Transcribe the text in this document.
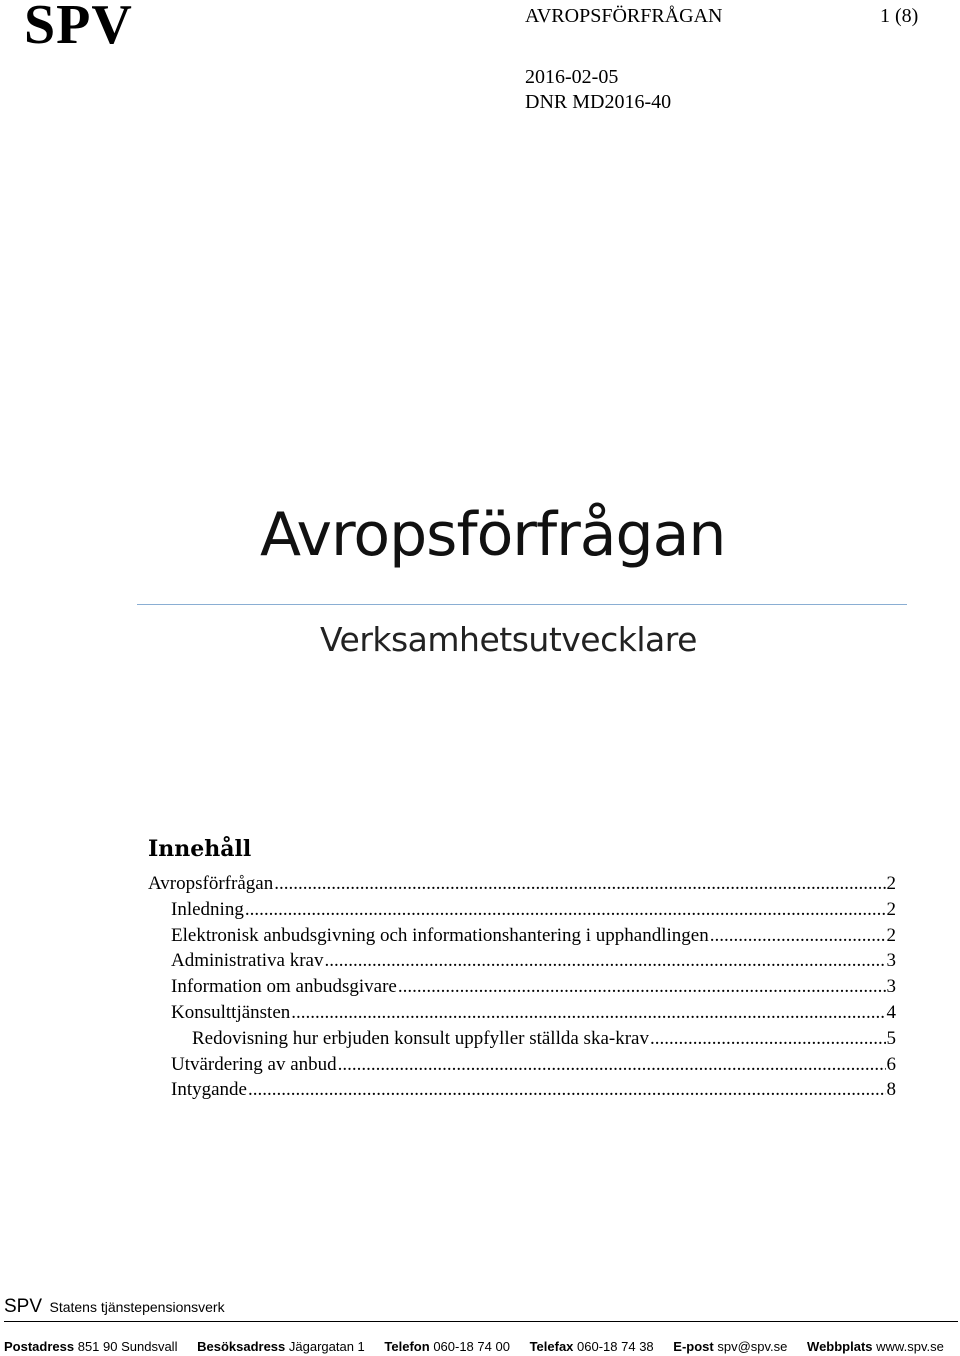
SPV	AVROPSFÖRFRÅGAN	1 (8)
2016-02-05
DNR MD2016-40
Avropsförfrågan
Verksamhetsutvecklare
Innehåll
Avropsförfrågan .....	2
Inledning .....	2
Elektronisk anbudsgivning och informationshantering i upphandlingen .....	2
Administrativa krav .....	3
Information om anbudsgivare .....	3
Konsulttjänsten .....	4
Redovisning hur erbjuden konsult uppfyller ställda ska-krav .....	5
Utvärdering av anbud .....	6
Intygande .....	8
SPV Statens tjänstepensionsverk
Postadress 851 90 Sundsvall Besöksadress Jägargatan 1 Telefon 060-18 74 00 Telefax 060-18 74 38 E-post spv@spv.se Webbplats www.spv.se
